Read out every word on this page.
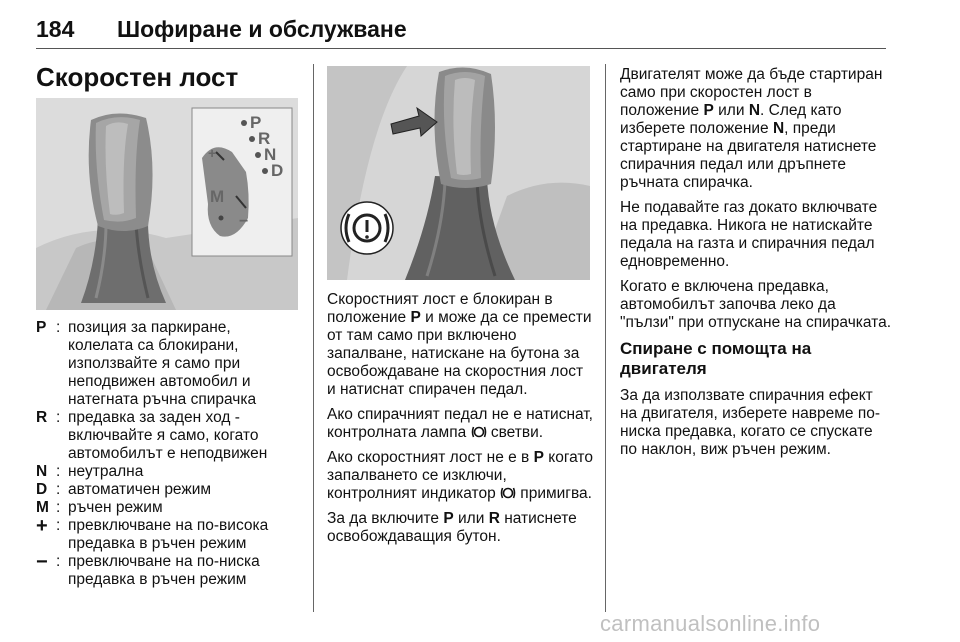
184 Шофиране и обслужване
Скоростен лост
P
R
N
D
M
+
−
P : позиция за паркиране, колелата са блокирани, използвайте я само при неподвижен автомобил и натегната ръчна спирачка
R : предавка за заден ход - включвайте я само, когато автомобилът е неподвижен
N : неутрална
D : автоматичен режим
M : ръчен режим
+ : превключване на по-висока предавка в ръчен режим
− : превключване на по-ниска предавка в ръчен режим

Скоростният лост е блокиран в положение P и може да се премести от там само при включено запалване, натискане на бутона за освобождаване на скоростния лост и натиснат спирачен педал.

Ако спирачният педал не е натиснат, контролната лампа  светви.

Ако скоростният лост не е в P когато запалването се изключи, контролният индикатор  примигва.

За да включите P или R натиснете освобождаващия бутон.

Двигателят може да бъде стартиран само при скоростен лост в положение P или N. След като изберете положение N, преди стартиране на двигателя натиснете спирачния педал или дръпнете ръчната спирачка.

Не подавайте газ докато включвате на предавка. Никога не натискайте педала на газта и спирачния педал едновременно.

Когато е включена предавка, автомобилът започва леко да "пълзи" при отпускане на спирачката.

Спиране с помощта на двигателя

За да използвате спирачния ефект на двигателя, изберете навреме по-ниска предавка, когато се спускате по наклон, виж ръчен режим.

carmanualsonline.info
